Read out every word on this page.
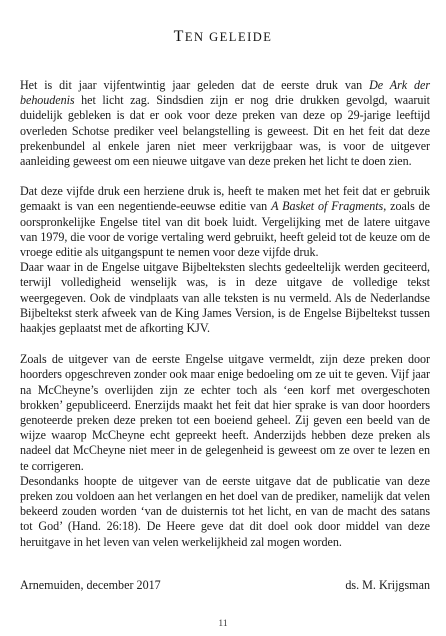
TEN GELEIDE

Het is dit jaar vijfentwintig jaar geleden dat de eerste druk van De Ark der behoudenis het licht zag. Sindsdien zijn er nog drie drukken gevolgd, waaruit duidelijk gebleken is dat er ook voor deze preken van deze op 29-jarige leeftijd overleden Schotse prediker veel belangstelling is geweest. Dit en het feit dat deze prekenbundel al enkele jaren niet meer verkrijgbaar was, is voor de uitgever aanleiding geweest om een nieuwe uitgave van deze preken het licht te doen zien.

Dat deze vijfde druk een herziene druk is, heeft te maken met het feit dat er gebruik gemaakt is van een negentiende-eeuwse editie van A Basket of Fragments, zoals de oorspronkelijke Engelse titel van dit boek luidt. Vergelijking met de latere uitgave van 1979, die voor de vorige vertaling werd gebruikt, heeft geleid tot de keuze om de vroege editie als uitgangspunt te nemen voor deze vijfde druk.

Daar waar in de Engelse uitgave Bijbelteksten slechts gedeeltelijk werden geciteerd, terwijl volledigheid wenselijk was, is in deze uitgave de volledige tekst weergegeven. Ook de vindplaats van alle teksten is nu vermeld. Als de Nederlandse Bijbeltekst sterk afweek van de King James Version, is de Engelse Bijbeltekst tussen haakjes geplaatst met de afkorting KJV.

Zoals de uitgever van de eerste Engelse uitgave vermeldt, zijn deze preken door hoorders opgeschreven zonder ook maar enige bedoeling om ze uit te geven. Vijf jaar na McCheyne’s overlijden zijn ze echter toch als ‘een korf met overgeschoten brokken’ gepubliceerd. Enerzijds maakt het feit dat hier sprake is van door hoorders genoteerde preken deze preken tot een boeiend geheel. Zij geven een beeld van de wijze waarop McCheyne echt gepreekt heeft. Anderzijds hebben deze preken als nadeel dat McCheyne niet meer in de gelegenheid is geweest om ze over te lezen en te corrigeren.

Desondanks hoopte de uitgever van de eerste uitgave dat de publicatie van deze preken zou voldoen aan het verlangen en het doel van de prediker, namelijk dat velen bekeerd zouden worden ‘van de duisternis tot het licht, en van de macht des satans tot God’ (Hand. 26:18). De Heere geve dat dit doel ook door middel van deze heruitgave in het leven van velen werkelijkheid zal mogen worden.

Arnemuiden, december 2017	ds. M. Krijgsman
11
